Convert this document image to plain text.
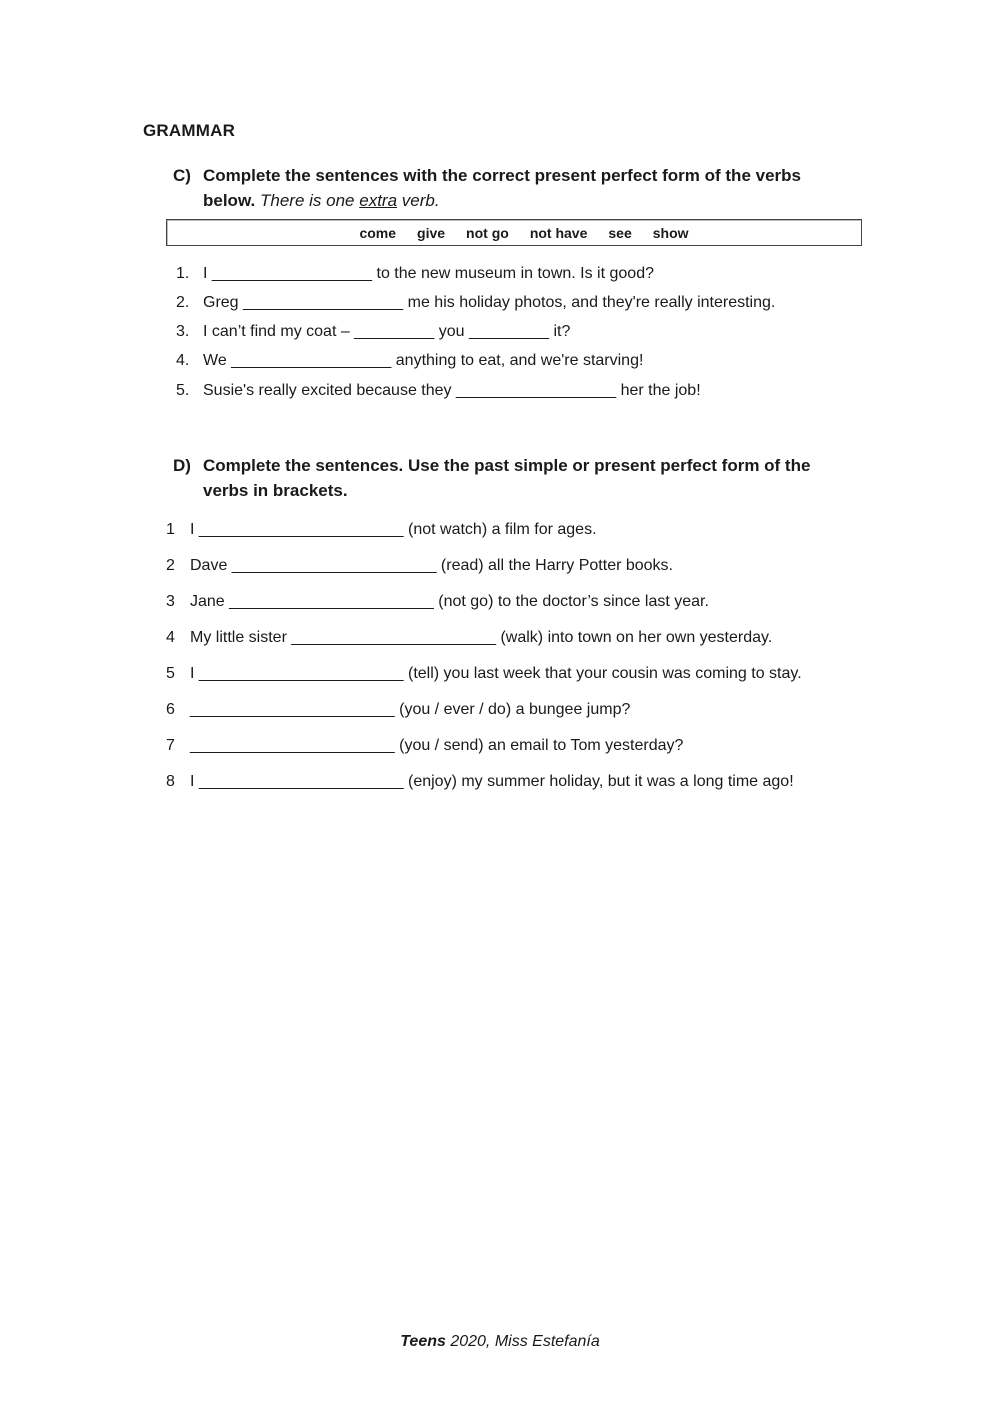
GRAMMAR
C) Complete the sentences with the correct present perfect form of the verbs below. There is one extra verb.
come give not go not have see show
1. I __________________ to the new museum in town. Is it good?
2. Greg __________________ me his holiday photos, and they're really interesting.
3. I can’t find my coat – _________ you _________ it?
4. We __________________ anything to eat, and we're starving!
5. Susie's really excited because they __________________ her the job!
D) Complete the sentences. Use the past simple or present perfect form of the verbs in brackets.
1 I _______________________ (not watch) a film for ages.
2 Dave _______________________ (read) all the Harry Potter books.
3 Jane _______________________ (not go) to the doctor’s since last year.
4 My little sister _______________________ (walk) into town on her own yesterday.
5 I _______________________ (tell) you last week that your cousin was coming to stay.
6 _______________________ (you / ever / do) a bungee jump?
7 _______________________ (you / send) an email to Tom yesterday?
8 I _______________________ (enjoy) my summer holiday, but it was a long time ago!
Teens 2020, Miss Estefanía
